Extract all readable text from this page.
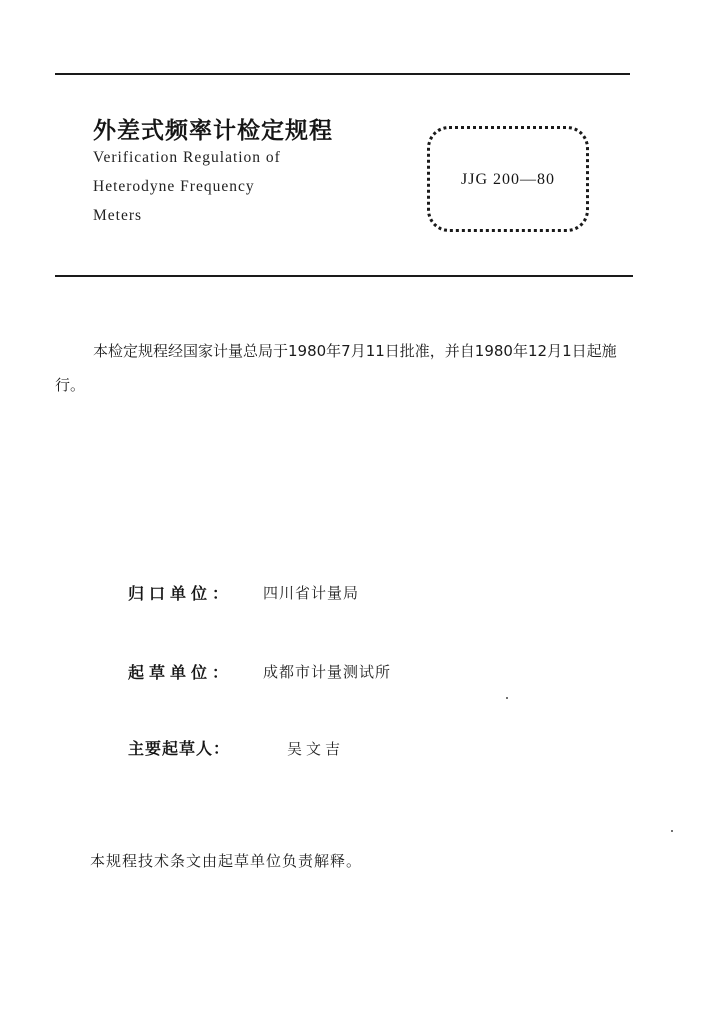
外差式频率计检定规程
Verification Regulation of
Heterodyne Frequency
Meters
JJG 200—80
本检定规程经国家计量总局于1980年7月11日批准，并自1980年12月1日起施行。
归口单位： 四川省计量局
起草单位： 成都市计量测试所
主要起草人：	吴文吉
本规程技术条文由起草单位负责解释。
